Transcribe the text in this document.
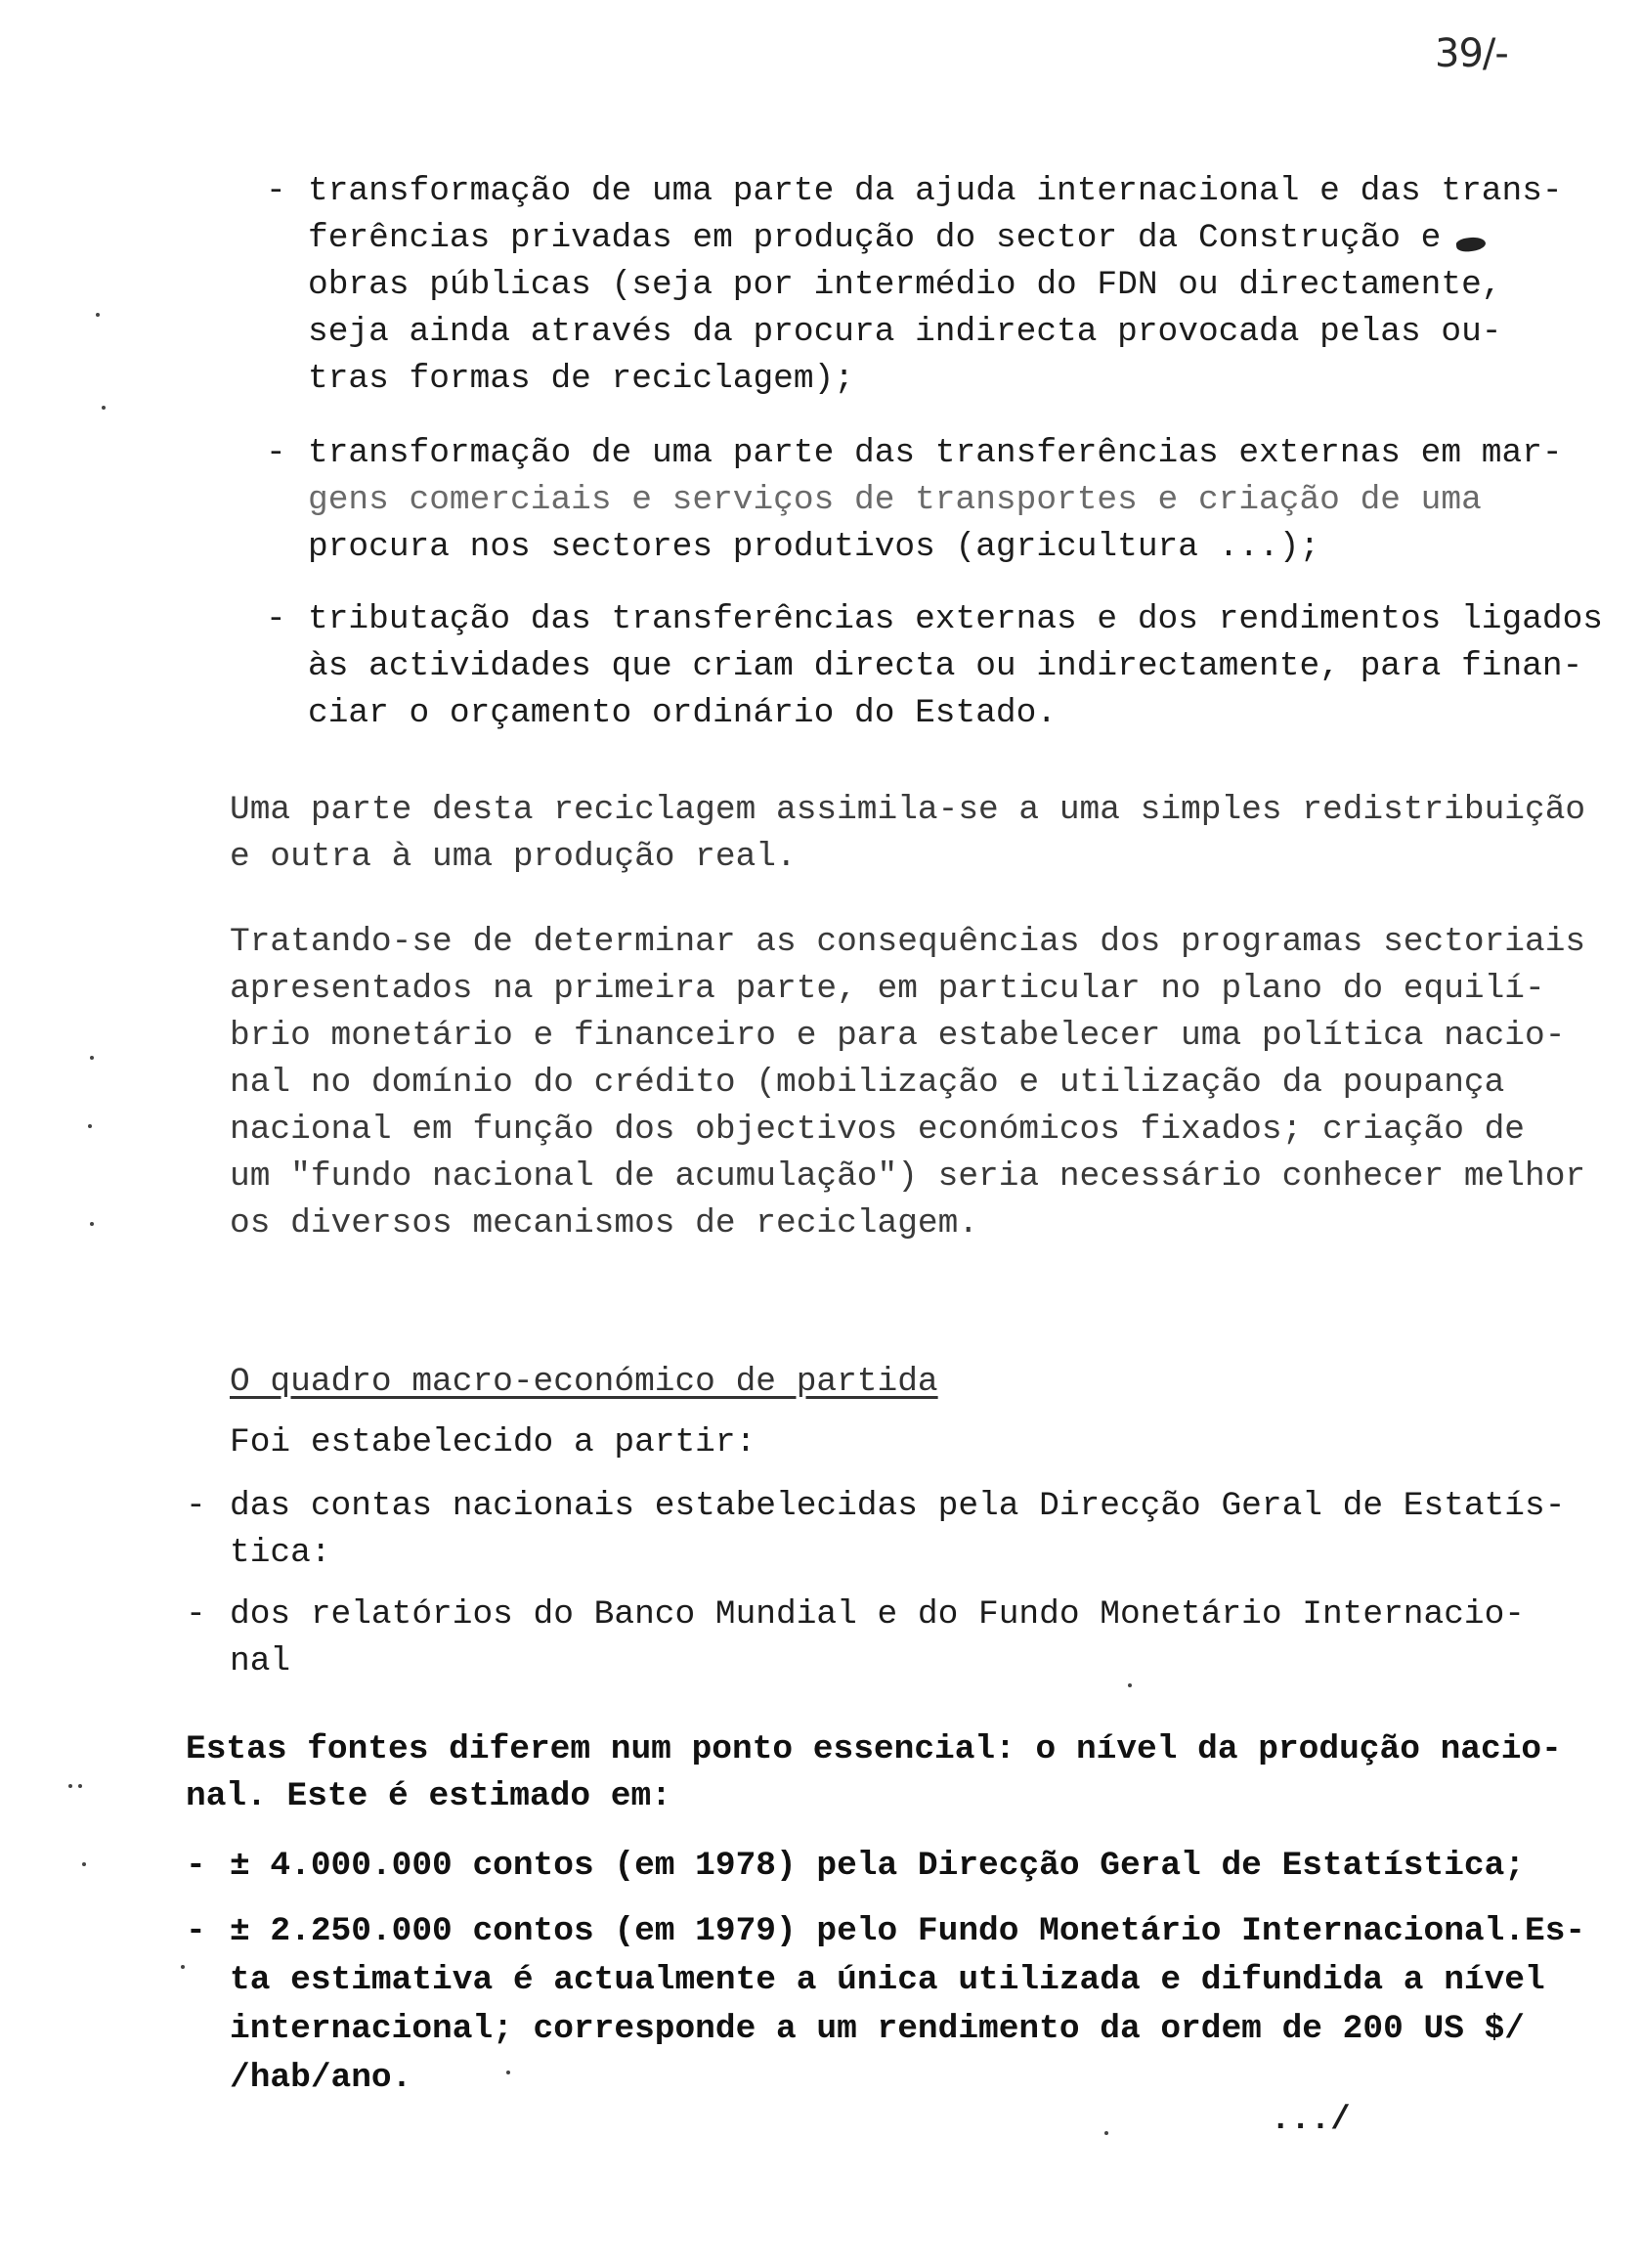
39/-
- transformação de uma parte da ajuda internacional e das trans-
ferências privadas em produção do sector da Construção e
obras públicas (seja por intermédio do FDN ou directamente,
seja ainda através da procura indirecta provocada pelas ou-
tras formas de reciclagem);
- transformação de uma parte das transferências externas em mar-
gens comerciais e serviços de transportes e criação de uma
procura nos sectores produtivos (agricultura ...);
- tributação das transferências externas e dos rendimentos ligados
às actividades que criam directa ou indirectamente, para finan-
ciar o orçamento ordinário do Estado.
Uma parte desta reciclagem assimila-se a uma simples redistribuição
e outra à uma produção real.
Tratando-se de determinar as consequências dos programas sectoriais
apresentados na primeira parte, em particular no plano do equilí-
brio monetário e financeiro e para estabelecer uma política nacio-
nal no domínio do crédito (mobilização e utilização da poupança
nacional em função dos objectivos económicos fixados; criação de
um "fundo nacional de acumulação") seria necessário conhecer melhor
os diversos mecanismos de reciclagem.
O quadro macro-económico de partida
Foi estabelecido a partir:
- das contas nacionais estabelecidas pela Direcção Geral de Estatís-
tica:
- dos relatórios do Banco Mundial e do Fundo Monetário Internacio-
nal
Estas fontes diferem num ponto essencial: o nível da produção nacio-
nal. Este é estimado em:
- ± 4.000.000 contos (em 1978) pela Direcção Geral de Estatística;
- ± 2.250.000 contos (em 1979) pelo Fundo Monetário Internacional.Es-
ta estimativa é actualmente a única utilizada e difundida a nível
internacional; corresponde a um rendimento da ordem de 200 US $/
/hab/ano.
.../
